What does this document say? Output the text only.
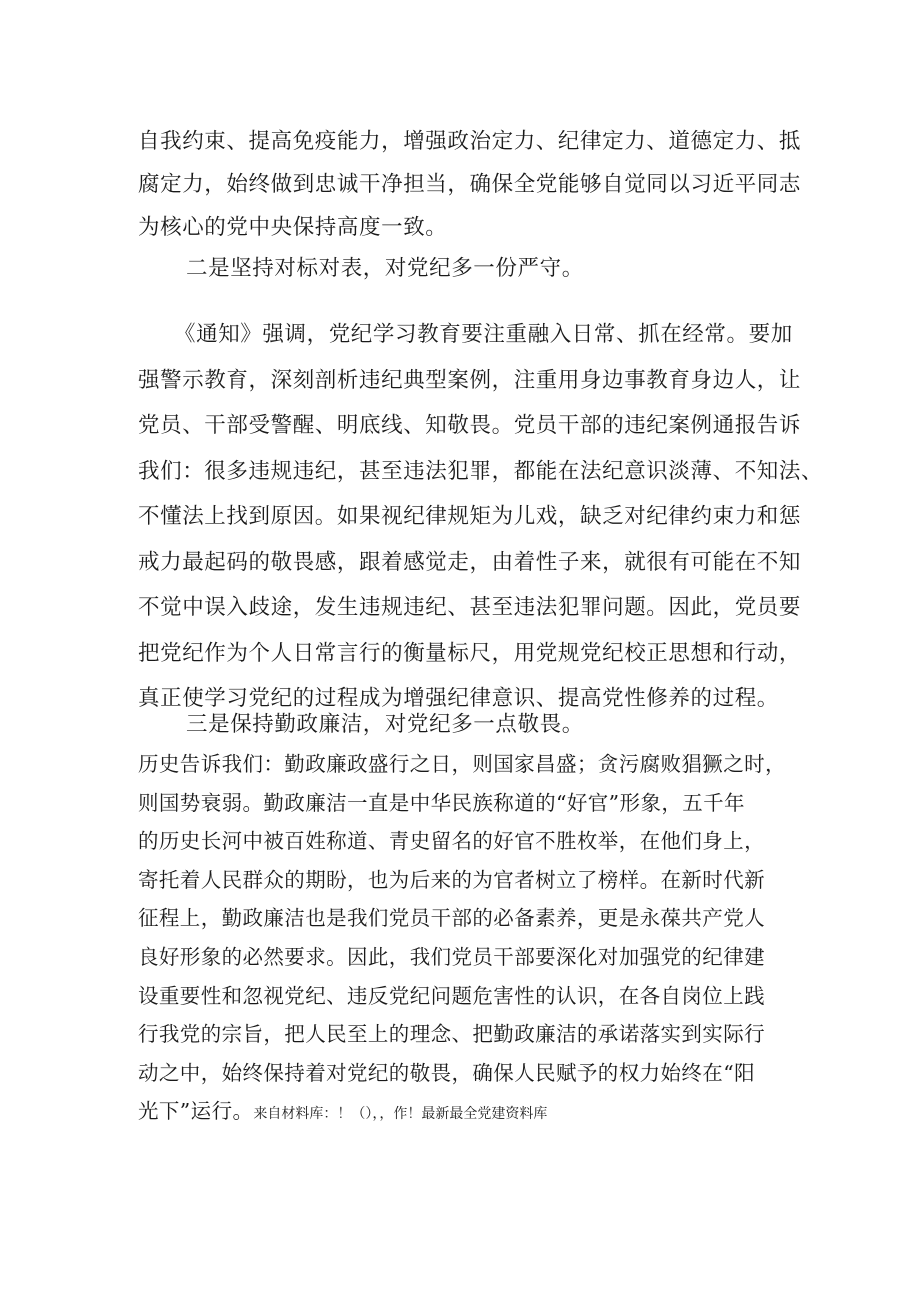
自我约束、提高免疫能力，增强政治定力、纪律定力、道德定力、抵
腐定力，始终做到忠诚干净担当，确保全党能够自觉同以习近平同志
为核心的党中央保持高度一致。
二是坚持对标对表，对党纪多一份严守。
《通知》强调，党纪学习教育要注重融入日常、抓在经常。要加
强警示教育，深刻剖析违纪典型案例，注重用身边事教育身边人，让
党员、干部受警醒、明底线、知敬畏。党员干部的违纪案例通报告诉
我们：很多违规违纪，甚至违法犯罪，都能在法纪意识淡薄、不知法、
不懂法上找到原因。如果视纪律规矩为儿戏，缺乏对纪律约束力和惩
戒力最起码的敬畏感，跟着感觉走，由着性子来，就很有可能在不知
不觉中误入歧途，发生违规违纪、甚至违法犯罪问题。因此，党员要
把党纪作为个人日常言行的衡量标尺，用党规党纪校正思想和行动，
真正使学习党纪的过程成为增强纪律意识、提高党性修养的过程。
三是保持勤政廉洁，对党纪多一点敬畏。
历史告诉我们：勤政廉政盛行之日，则国家昌盛；贪污腐败猖獗之时，
则国势衰弱。勤政廉洁一直是中华民族称道的“好官”形象，五千年
的历史长河中被百姓称道、青史留名的好官不胜枚举，在他们身上，
寄托着人民群众的期盼，也为后来的为官者树立了榜样。在新时代新
征程上，勤政廉洁也是我们党员干部的必备素养，更是永葆共产党人
良好形象的必然要求。因此，我们党员干部要深化对加强党的纪律建
设重要性和忽视党纪、违反党纪问题危害性的认识，在各自岗位上践
行我党的宗旨，把人民至上的理念、把勤政廉洁的承诺落实到实际行
动之中，始终保持着对党纪的敬畏，确保人民赋予的权力始终在“阳
光下”运行。来自材料库：！（），，作！最新最全党建资料库
